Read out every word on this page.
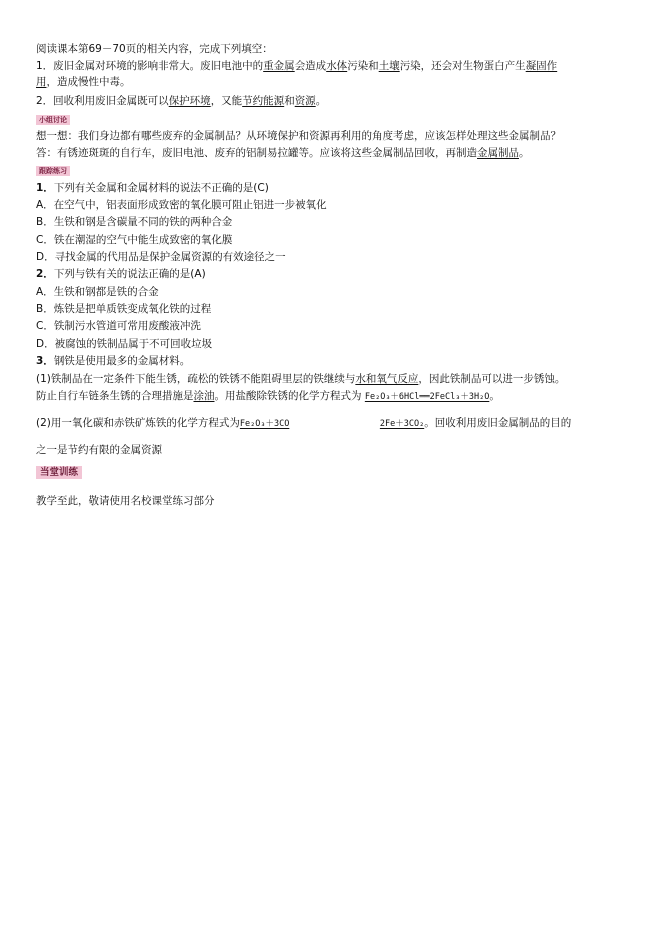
阅读课本第69－70页的相关内容，完成下列填空：
1．废旧金属对环境的影响非常大。废旧电池中的重金属会造成水体污染和土壤污染，还会对生物蛋白产生凝固作
用，造成慢性中毒。
2．回收利用废旧金属既可以保护环境，又能节约能源和资源。
小组讨论
想一想：我们身边都有哪些废弃的金属制品？从环境保护和资源再利用的角度考虑，应该怎样处理这些金属制品？
答：有锈迹斑斑的自行车，废旧电池、废弃的铝制易拉罐等。应该将这些金属制品回收，再制造金属制品。
跟踪练习
1．下列有关金属和金属材料的说法不正确的是(C)
A．在空气中，铝表面形成致密的氧化膜可阻止铝进一步被氧化
B．生铁和钢是含碳量不同的铁的两种合金
C．铁在潮湿的空气中能生成致密的氧化膜
D．寻找金属的代用品是保护金属资源的有效途径之一
2．下列与铁有关的说法正确的是(A)
A．生铁和钢都是铁的合金
B．炼铁是把单质铁变成氧化铁的过程
C．铁制污水管道可常用废酸液冲洗
D．被腐蚀的铁制品属于不可回收垃圾
3．钢铁是使用最多的金属材料。
(1)铁制品在一定条件下能生锈，疏松的铁锈不能阻碍里层的铁继续与水和氧气反应，因此铁制品可以进一步锈蚀。
防止自行车链条生锈的合理措施是涂油。用盐酸除铁锈的化学方程式为 Fe₂O₃＋6HCl══2FeCl₃＋3H₂O。
(2)用一氧化碳和赤铁矿炼铁的化学方程式为Fe₂O₃＋3CO	2Fe＋3CO₂。回收利用废旧金属制品的目的
之一是节约有限的金属资源
当堂训练
教学至此，敬请使用名校课堂练习部分
